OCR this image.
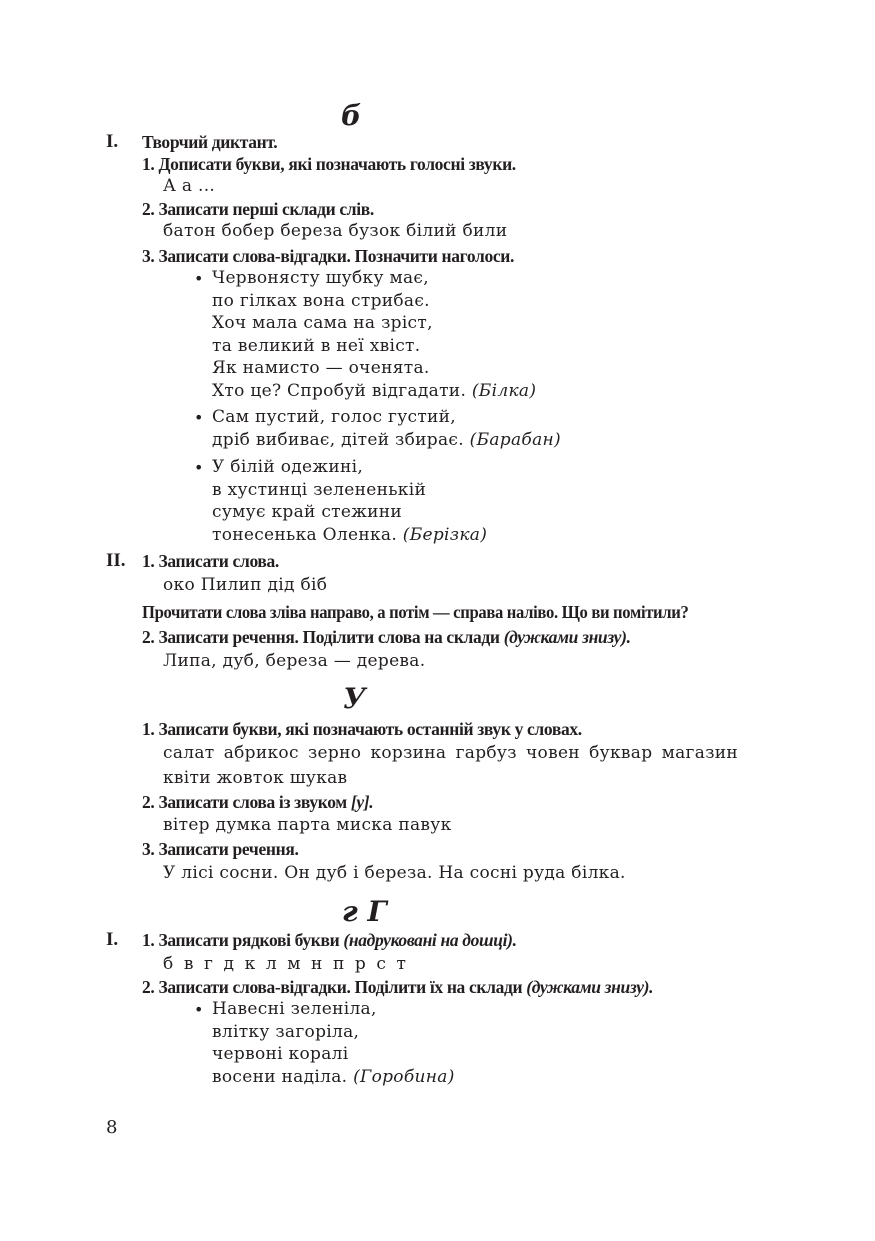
б
I. Творчий диктант.
1. Дописати букви, які позначають голосні звуки.
А а ...
2. Записати перші склади слів.
батон бобер береза бузок білий били
3. Записати слова-відгадки. Позначити наголоси.
• Червонясту шубку має,
по гілках вона стрибає.
Хоч мала сама на зріст,
та великий в неї хвіст.
Як намисто — оченята.
Хто це? Спробуй відгадати. (Білка)
• Сам пустий, голос густий,
дріб вибиває, дітей збирає. (Барабан)
• У білій одежині,
в хустинці зелененькій
сумує край стежини
тонесенька Оленка. (Берізка)
II. 1. Записати слова.
око Пилип дід біб
Прочитати слова зліва направо, а потім — справа наліво. Що ви помітили?
2. Записати речення. Поділити слова на склади (дужками знизу).
Липа, дуб, береза — дерева.
У
1. Записати букви, які позначають останній звук у словах.
салат абрикос зерно корзина гарбуз човен буквар магазин
квіти жовток шукав
2. Записати слова із звуком [у].
вітер думка парта миска павук
3. Записати речення.
У лісі сосни. Он дуб і береза. На сосні руда білка.
г Г
I. 1. Записати рядкові букви (надруковані на дошці).
б в г д к л м н п р с т
2. Записати слова-відгадки. Поділити їх на склади (дужками знизу).
• Навесні зеленіла,
влітку загоріла,
червоні коралі
восени наділа. (Горобина)
8
